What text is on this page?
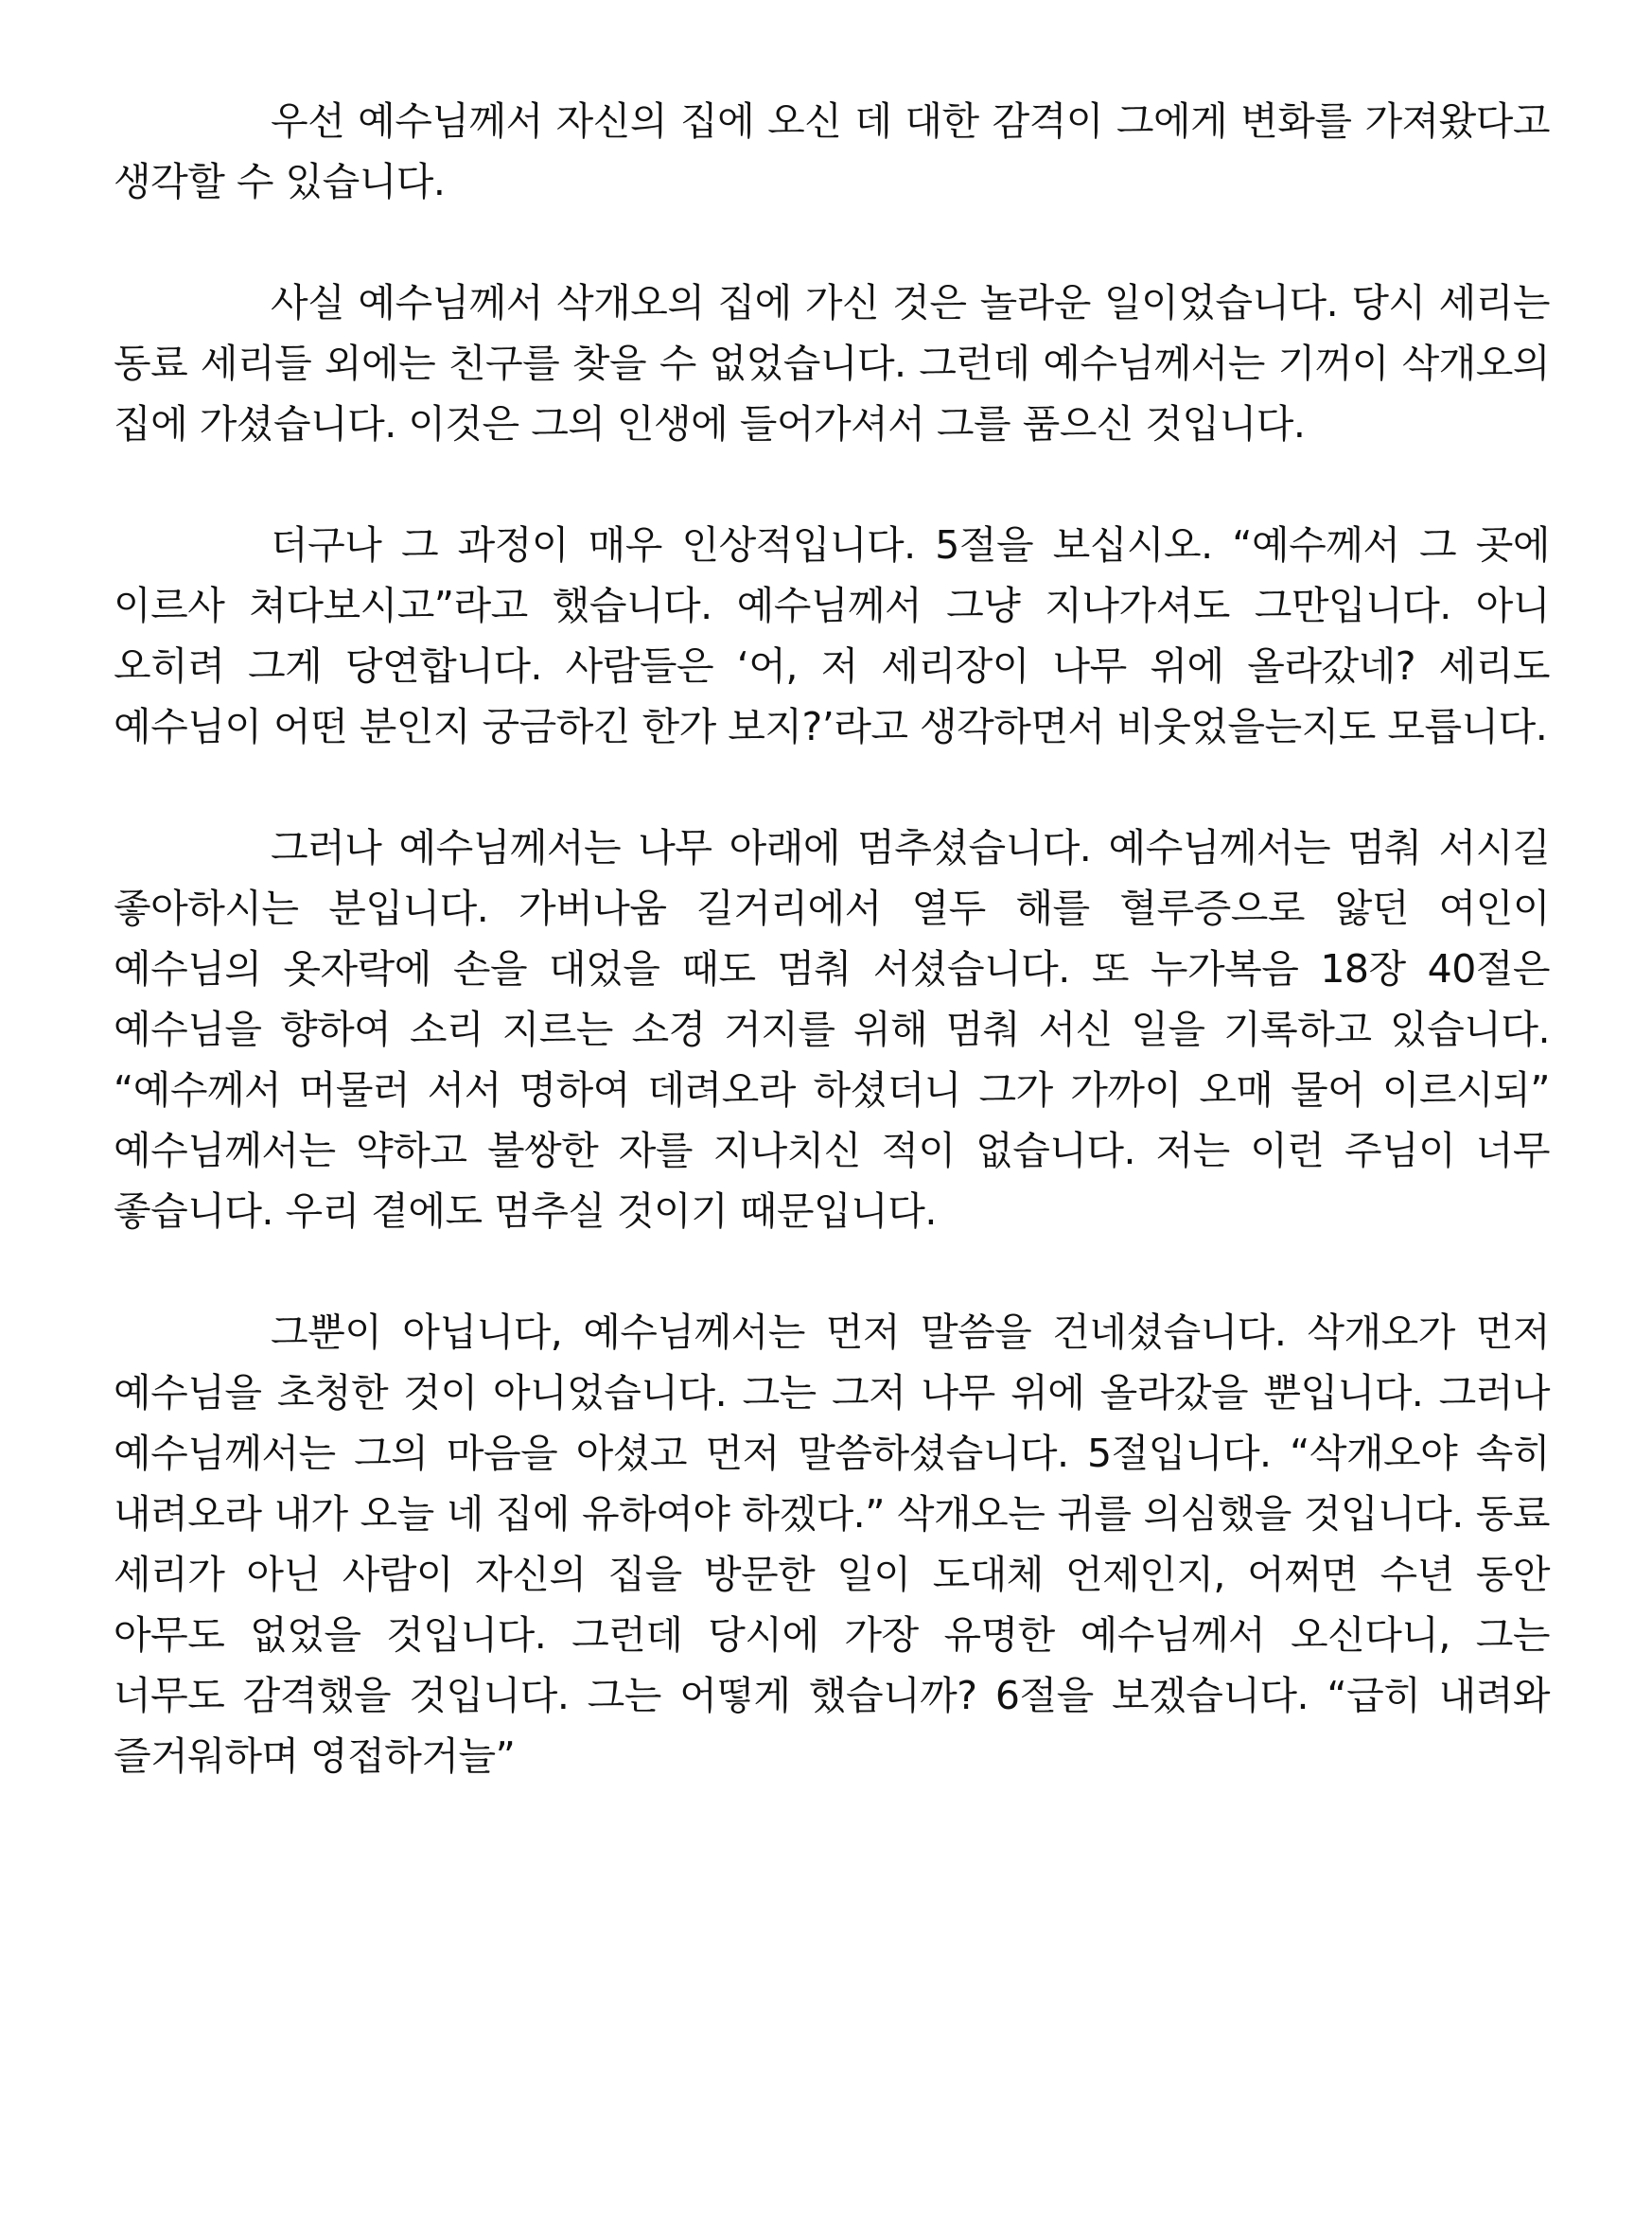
우선 예수님께서 자신의 집에 오신 데 대한 감격이 그에게 변화를 가져왔다고 생각할 수 있습니다.

사실 예수님께서 삭개오의 집에 가신 것은 놀라운 일이었습니다. 당시 세리는 동료 세리들 외에는 친구를 찾을 수 없었습니다. 그런데 예수님께서는 기꺼이 삭개오의 집에 가셨습니다. 이것은 그의 인생에 들어가셔서 그를 품으신 것입니다.

더구나 그 과정이 매우 인상적입니다. 5절을 보십시오. “예수께서 그 곳에 이르사 쳐다보시고”라고 했습니다. 예수님께서 그냥 지나가셔도 그만입니다. 아니 오히려 그게 당연합니다. 사람들은 ‘어, 저 세리장이 나무 위에 올라갔네? 세리도 예수님이 어떤 분인지 궁금하긴 한가 보지?’라고 생각하면서 비웃었을는지도 모릅니다.

그러나 예수님께서는 나무 아래에 멈추셨습니다. 예수님께서는 멈춰 서시길 좋아하시는 분입니다. 가버나움 길거리에서 열두 해를 혈루증으로 앓던 여인이 예수님의 옷자락에 손을 대었을 때도 멈춰 서셨습니다. 또 누가복음 18장 40절은 예수님을 향하여 소리 지르는 소경 거지를 위해 멈춰 서신 일을 기록하고 있습니다. “예수께서 머물러 서서 명하여 데려오라 하셨더니 그가 가까이 오매 물어 이르시되” 예수님께서는 약하고 불쌍한 자를 지나치신 적이 없습니다. 저는 이런 주님이 너무 좋습니다. 우리 곁에도 멈추실 것이기 때문입니다.

그뿐이 아닙니다, 예수님께서는 먼저 말씀을 건네셨습니다. 삭개오가 먼저 예수님을 초청한 것이 아니었습니다. 그는 그저 나무 위에 올라갔을 뿐입니다. 그러나 예수님께서는 그의 마음을 아셨고 먼저 말씀하셨습니다. 5절입니다. “삭개오야 속히 내려오라 내가 오늘 네 집에 유하여야 하겠다.” 삭개오는 귀를 의심했을 것입니다. 동료 세리가 아닌 사람이 자신의 집을 방문한 일이 도대체 언제인지, 어쩌면 수년 동안 아무도 없었을 것입니다. 그런데 당시에 가장 유명한 예수님께서 오신다니, 그는 너무도 감격했을 것입니다. 그는 어떻게 했습니까? 6절을 보겠습니다. “급히 내려와 즐거워하며 영접하거늘”
